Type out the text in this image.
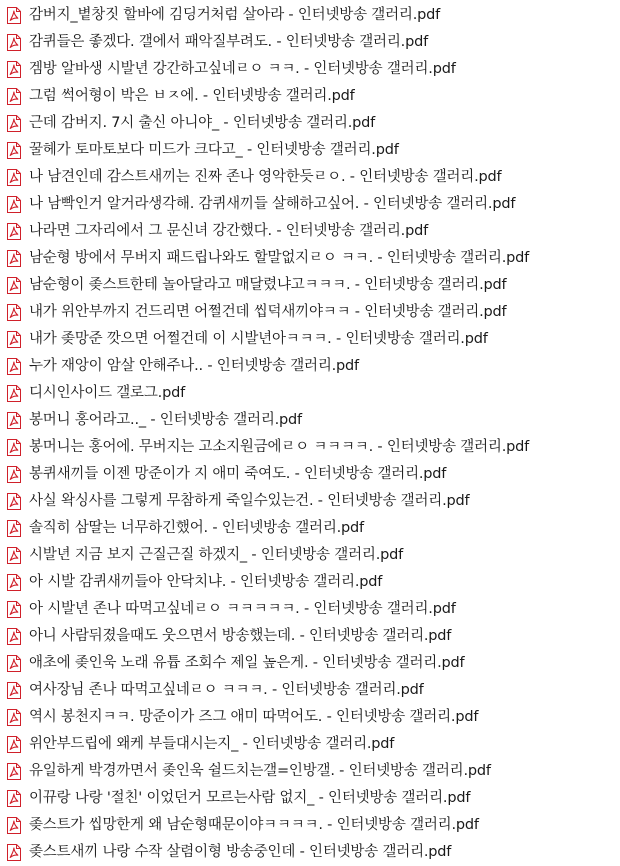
감버지_볕창짓 할바에 김딩거처럼 살아라 - 인터넷방송 갤러리.pdf
감퀴들은 좋겠다. 갤에서 패악질부려도. - 인터넷방송 갤러리.pdf
겜방 알바생 시발년 강간하고싶네ㄹㅇ ㅋㅋ. - 인터넷방송 갤러리.pdf
그럼 썩어형이 박은 ㅂㅈ에. - 인터넷방송 갤러리.pdf
근데 감버지. 7시 출신 아니야_ - 인터넷방송 갤러리.pdf
꿀헤가 토마토보다 미드가 크다고_ - 인터넷방송 갤러리.pdf
나 남견인데 감스트새끼는 진짜 존나 영악한듯ㄹㅇ. - 인터넷방송 갤러리.pdf
나 남빡인거 알거라생각해. 감퀴새끼들 살해하고싶어. - 인터넷방송 갤러리.pdf
나라면 그자리에서 그 문신녀 강간했다. - 인터넷방송 갤러리.pdf
남순형 방에서 무버지 패드립나와도 할말없지ㄹㅇ ㅋㅋ. - 인터넷방송 갤러리.pdf
남순형이 좆스트한테 놀아달라고 매달렸냐고ㅋㅋㅋ. - 인터넷방송 갤러리.pdf
내가 위안부까지 건드리면 어쩔건데 씹덕새끼야ㅋㅋ - 인터넷방송 갤러리.pdf
내가 좆망준 깟으면 어쩔건데 이 시발년아ㅋㅋㅋ. - 인터넷방송 갤러리.pdf
누가 재앙이 암살 안해주나.. - 인터넷방송 갤러리.pdf
디시인사이드 갤로그.pdf
봉머니 홍어라고.._ - 인터넷방송 갤러리.pdf
봉머니는 홍어에. 무버지는 고소지원금에ㄹㅇ ㅋㅋㅋㅋ. - 인터넷방송 갤러리.pdf
봉퀴새끼들 이젠 망준이가 지 애미 죽여도. - 인터넷방송 갤러리.pdf
사실 왁싱사를 그렇게 무참하게 죽일수있는건. - 인터넷방송 갤러리.pdf
솔직히 삼딸는 너무하긴했어. - 인터넷방송 갤러리.pdf
시발년 지금 보지 근질근질 하겠지_ - 인터넷방송 갤러리.pdf
아 시발 감퀴새끼들아 안닥치냐. - 인터넷방송 갤러리.pdf
아 시발년 존나 따먹고싶네ㄹㅇ ㅋㅋㅋㅋㅋ. - 인터넷방송 갤러리.pdf
아니 사람뒤졌을때도 웃으면서 방송했는데. - 인터넷방송 갤러리.pdf
애초에 좆인욱 노래 유튭 조회수 제일 높은게. - 인터넷방송 갤러리.pdf
여사장님 존나 따먹고싶네ㄹㅇ ㅋㅋㅋ. - 인터넷방송 갤러리.pdf
역시 봉천지ㅋㅋ. 망준이가 즈그 애미 따먹어도. - 인터넷방송 갤러리.pdf
위안부드립에 왜케 부들대시는지_ - 인터넷방송 갤러리.pdf
유일하게 박경까면서 좆인욱 쉴드치는갤=인방갤. - 인터넷방송 갤러리.pdf
이뀨랑 나랑 '절친' 이었던거 모르는사람 없지_ - 인터넷방송 갤러리.pdf
좆스트가 씹망한게 왜 남순형때문이야ㅋㅋㅋㅋ. - 인터넷방송 갤러리.pdf
좆스트새끼 나랑 수작 살렴이형 방송중인데 - 인터넷방송 갤러리.pdf
